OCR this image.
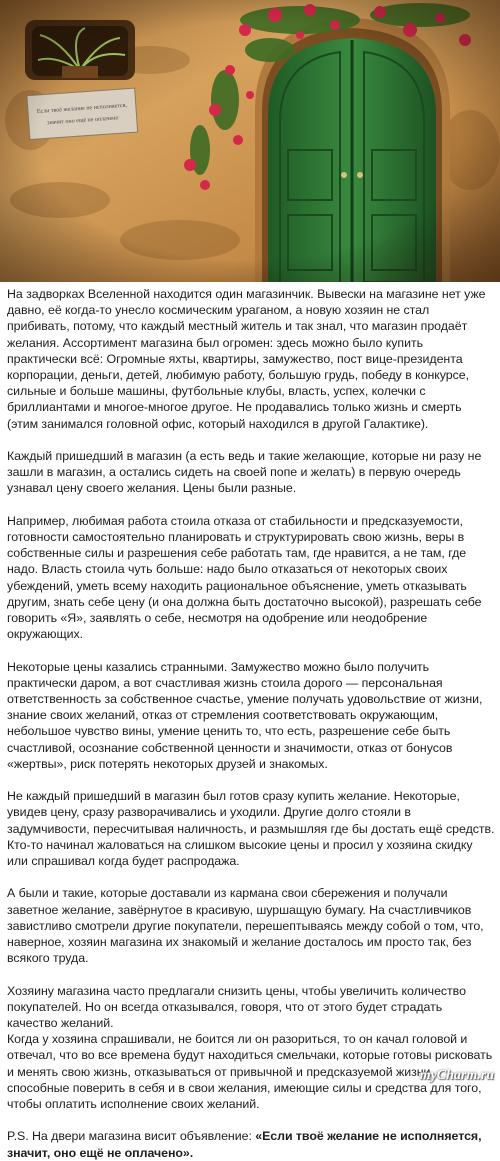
На задворках Вселенной находится один магазинчик. Вывески на магазине нет уже давно, её когда-то унесло космическим ураганом, а новую хозяин не стал прибивать, потому, что каждый местный житель и так знал, что магазин продаёт желания. Ассортимент магазина был огромен: здесь можно было купить практически всё: Огромные яхты, квартиры, замужество, пост вице-президента корпорации, деньги, детей, любимую работу, большую грудь, победу в конкурсе, сильные и больше машины, футбольные клубы, власть, успех, колечки с бриллиантами и многое-многое другое. Не продавались только жизнь и смерть (этим занимался головной офис, который находился в другой Галактике).

Каждый пришедший в магазин (а есть ведь и такие желающие, которые ни разу не зашли в магазин, а остались сидеть на своей попе и желать) в первую очередь узнавал цену своего желания. Цены были разные.

Например, любимая работа стоила отказа от стабильности и предсказуемости, готовности самостоятельно планировать и структурировать свою жизнь, веры в собственные силы и разрешения себе работать там, где нравится, а не там, где надо. Власть стоила чуть больше: надо было отказаться от некоторых своих убеждений, уметь всему находить рациональное объяснение, уметь отказывать другим, знать себе цену (и она должна быть достаточно высокой), разрешать себе говорить «Я», заявлять о себе, несмотря на одобрение или неодобрение окружающих.

Некоторые цены казались странными. Замужество можно было получить практически даром, а вот счастливая жизнь стоила дорого — персональная ответственность за собственное счастье, умение получать удовольствие от жизни, знание своих желаний, отказ от стремления соответствовать окружающим, небольшое чувство вины, умение ценить то, что есть, разрешение себе быть счастливой, осознание собственной ценности и значимости, отказ от бонусов «жертвы», риск потерять некоторых друзей и знакомых.

Не каждый пришедший в магазин был готов сразу купить желание. Некоторые, увидев цену, сразу разворачивались и уходили. Другие долго стояли в задумчивости, пересчитывая наличность, и размышляя где бы достать ещё средств. Кто-то начинал жаловаться на слишком высокие цены и просил у хозяина скидку или спрашивал когда будет распродажа.

А были и такие, которые доставали из кармана свои сбережения и получали заветное желание, завёрнутое в красивую, шуршащую бумагу. На счастливчиков завистливо смотрели другие покупатели, перешептываясь между собой о том, что, наверное, хозяин магазина их знакомый и желание досталось им просто так, без всякого труда.

Хозяину магазина часто предлагали снизить цены, чтобы увеличить количество покупателей. Но он всегда отказывался, говоря, что от этого будет страдать качество желаний.

Когда у хозяина спрашивали, не боится ли он разориться, то он качал головой и отвечал, что во все времена будут находиться смельчаки, которые готовы рисковать и менять свою жизнь, отказываться от привычной и предсказуемой жизни, способные поверить в себя и в свои желания, имеющие силы и средства для того, чтобы оплатить исполнение своих желаний.

P.S. На двери магазина висит объявление: «Если твоё желание не исполняется, значит, оно ещё не оплачено».

myCharm.ru
